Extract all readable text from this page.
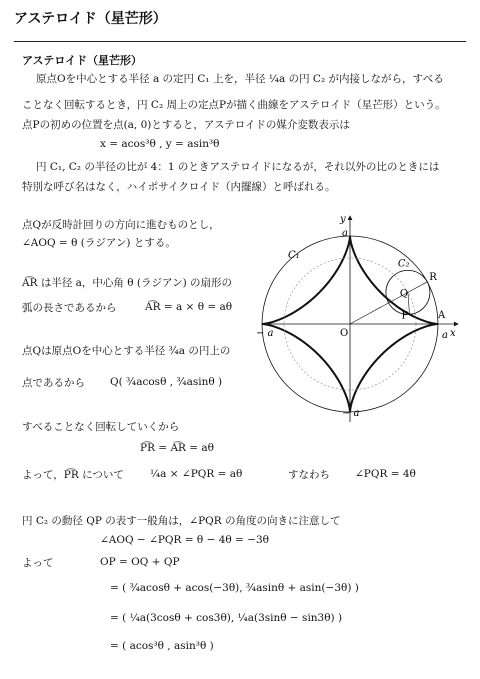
アステロイド（星芒形）
アステロイド（星芒形）
原点Oを中心とする半径 a の定円 C₁ 上を，半径 ¼a の円 C₂ が内接しながら，すべる
ことなく回転するとき，円 C₂ 周上の定点Pが描く曲線をアステロイド（星芒形）という。
点Pの初めの位置を点(a, 0)とすると，アステロイドの媒介変数表示は
x = acos³θ , y = asin³θ
円 C₁, C₂ の半径の比が 4：1 のときアステロイドになるが，それ以外の比のときには
特別な呼び名はなく，ハイポサイクロイド（内擺線）と呼ばれる。
点Qが反時計回りの方向に進むものとし，
∠AOQ = θ (ラジアン) とする。
A͡R は半径 a，中心角 θ (ラジアン) の扇形の
弧の長さであるから	A͡R = a × θ = aθ
点Qは原点Oを中心とする半径 ¾a の円上の
点であるから Q( ¾acosθ , ¾asinθ )
すべることなく回転していくから
P͡R = A͡R = aθ
よって，P͡R について ¼a × ∠PQR = aθ	すなわち ∠PQR = 4θ
円 C₂ の動径 QP の表す一般角は，∠PQR の角度の向きに注意して
∠AOQ − ∠PQR = θ − 4θ = −3θ
よって	OP = OQ + QP
= ( ¾acosθ + acos(−3θ), ¾asinθ + asin(−3θ) )
= ( ¼a(3cosθ + cos3θ), ¼a(3sinθ − sin3θ) )
= ( acos³θ , asin³θ )
y
x
a
a
− a
− a
O
C₁
C₂
Q
R
P	A
